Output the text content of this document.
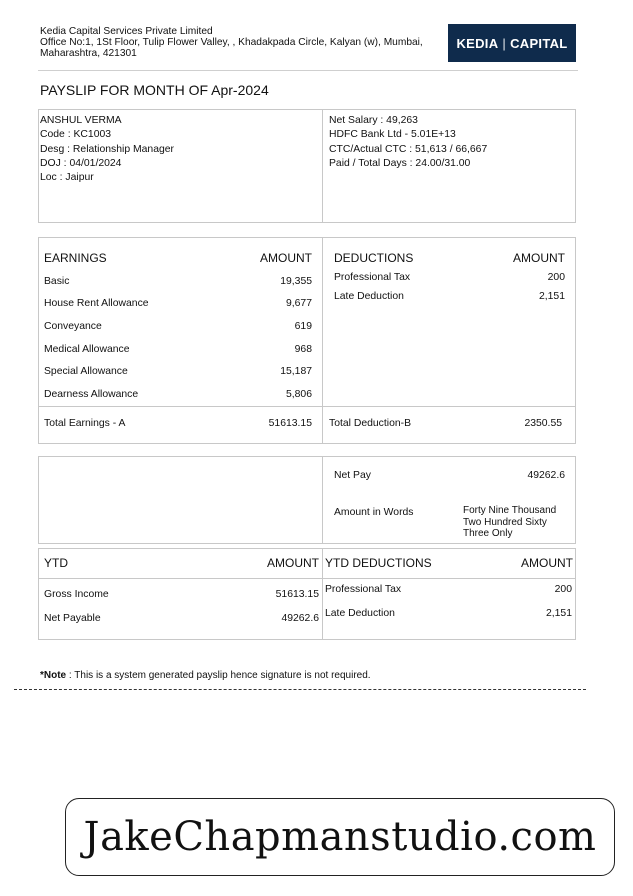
Kedia Capital Services Private Limited
Office No:1, 1St Floor, Tulip Flower Valley, , Khadakpada Circle, Kalyan (w), Mumbai,
Maharashtra, 421301
KEDIA | CAPITAL
PAYSLIP FOR MONTH OF Apr-2024
ANSHUL VERMA
Code : KC1003
Desg : Relationship Manager
DOJ : 04/01/2024
Loc : Jaipur
Net Salary : 49,263
HDFC Bank Ltd - 5.01E+13
CTC/Actual CTC : 51,613 / 66,667
Paid / Total Days : 24.00/31.00
EARNINGS	AMOUNT
Basic	19,355
House Rent Allowance	9,677
Conveyance	619
Medical Allowance	968
Special Allowance	15,187
Dearness Allowance	5,806
Total Earnings - A	51613.15
DEDUCTIONS	AMOUNT
Professional Tax	200
Late Deduction	2,151
Total Deduction-B	2350.55
Net Pay	49262.6
Amount in Words	Forty Nine Thousand
Two Hundred Sixty
Three Only
YTD	AMOUNT
Gross Income	51613.15
Net Payable	49262.6
YTD DEDUCTIONS	AMOUNT
Professional Tax	200
Late Deduction	2,151
*Note : This is a system generated payslip hence signature is not required.
JakeChapmanstudio.com
